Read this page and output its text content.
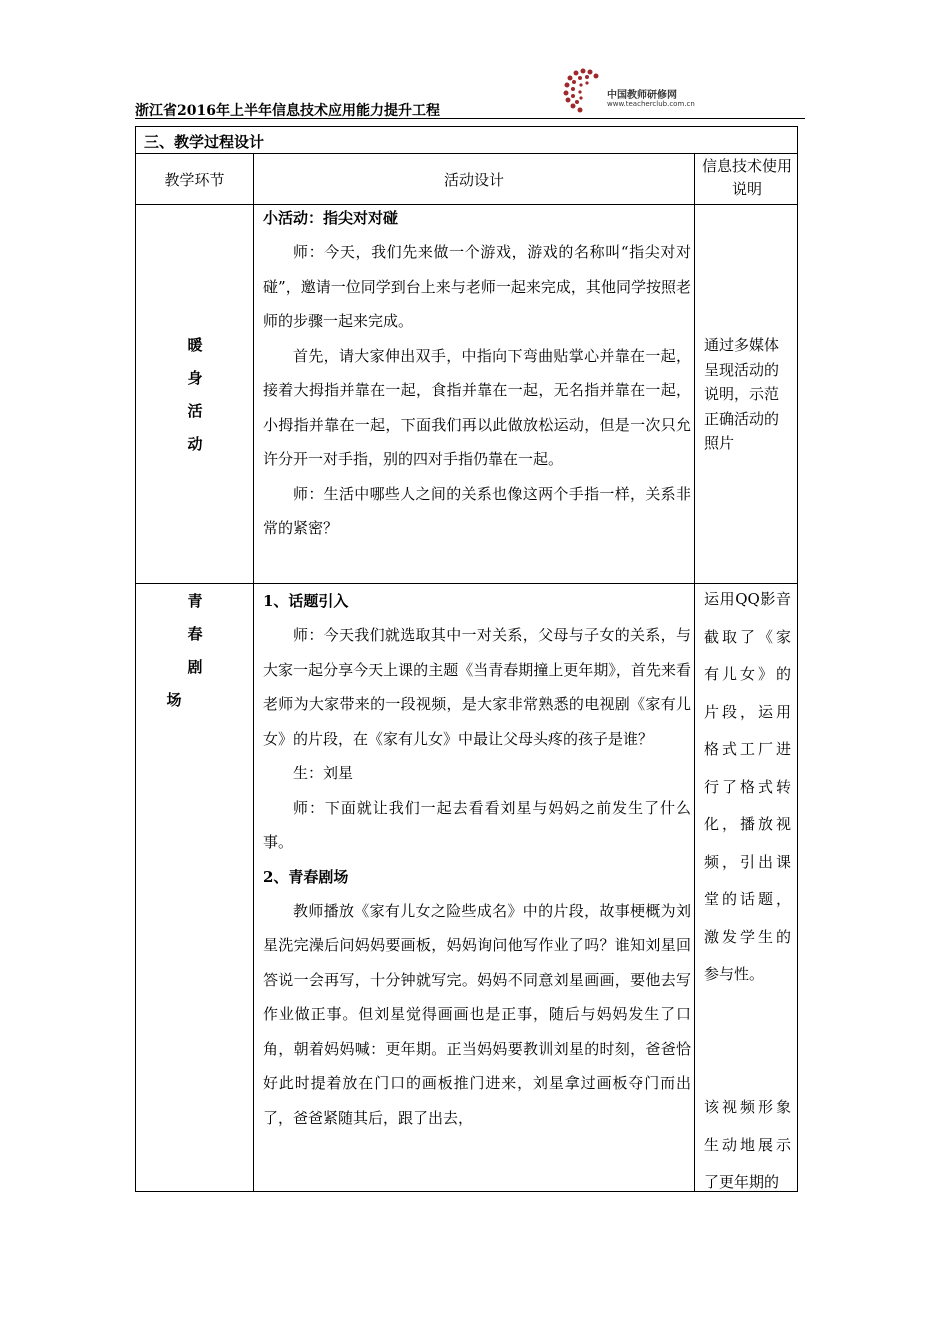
浙江省2016年上半年信息技术应用能力提升工程
中国教师研修网
www.teacherclub.com.cn
三、教学过程设计
教学环节	活动设计
信息技术使用说明
暖
身
活
动
小活动：指尖对对碰

师：今天，我们先来做一个游戏，游戏的名称叫“指尖对对碰”，邀请一位同学到台上来与老师一起来完成，其他同学按照老师的步骤一起来完成。

首先，请大家伸出双手，中指向下弯曲贴掌心并靠在一起，接着大拇指并靠在一起，食指并靠在一起，无名指并靠在一起，小拇指并靠在一起，下面我们再以此做放松运动，但是一次只允许分开一对手指，别的四对手指仍靠在一起。

师：生活中哪些人之间的关系也像这两个手指一样，关系非常的紧密？

通过多媒体呈现活动的说明，示范正确活动的照片
青
春
剧
场
1、话题引入

师：今天我们就选取其中一对关系，父母与子女的关系，与大家一起分享今天上课的主题《当青春期撞上更年期》，首先来看老师为大家带来的一段视频，是大家非常熟悉的电视剧《家有儿女》的片段，在《家有儿女》中最让父母头疼的孩子是谁？

生：刘星

师：下面就让我们一起去看看刘星与妈妈之前发生了什么事。

2、青春剧场

教师播放《家有儿女之险些成名》中的片段，故事梗概为刘星洗完澡后问妈妈要画板，妈妈询问他写作业了吗？谁知刘星回答说一会再写，十分钟就写完。妈妈不同意刘星画画，要他去写作业做正事。但刘星觉得画画也是正事，随后与妈妈发生了口角，朝着妈妈喊：更年期。正当妈妈要教训刘星的时刻，爸爸恰好此时提着放在门口的画板推门进来，刘星拿过画板夺门而出了，爸爸紧随其后，跟了出去，

运用QQ影音截取了《家有儿女》的片段，运用格式工厂进行了格式转化，播放视频，引出课堂的话题，激发学生的参与性。
该视频形象生动地展示了更年期的
